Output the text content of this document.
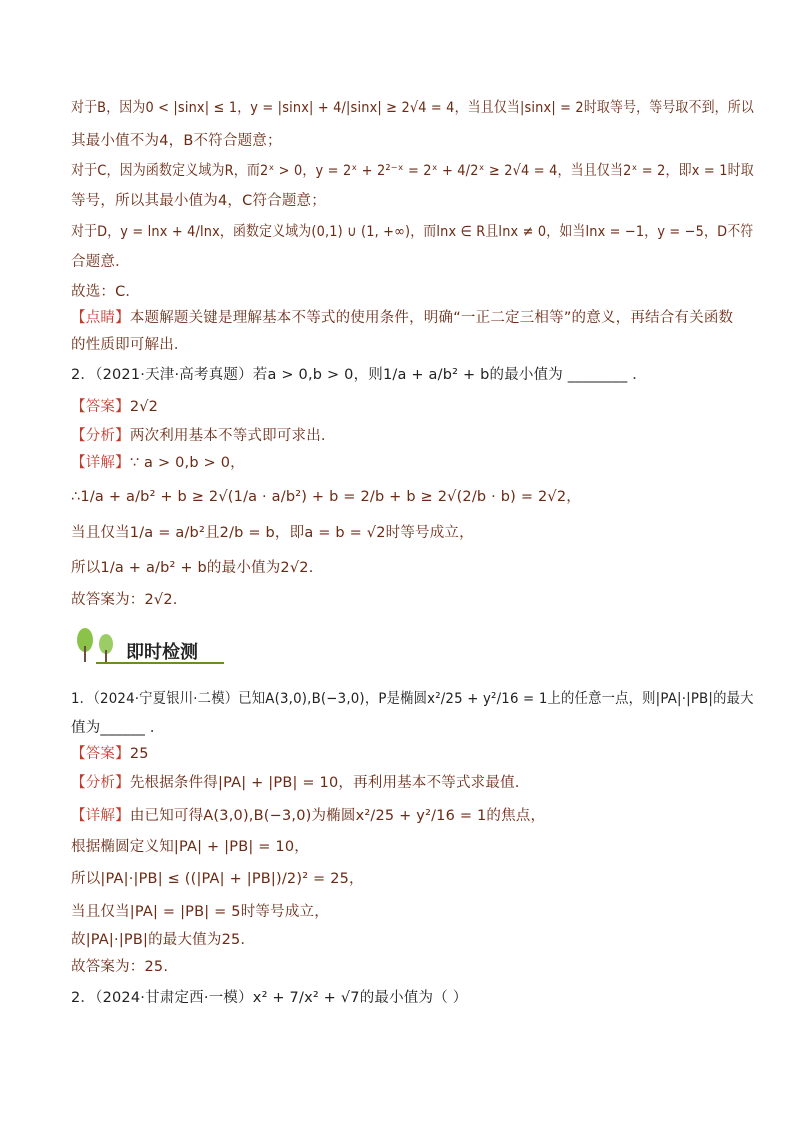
对于B，因为0 < |sinx| ≤ 1，y = |sinx| + 4/|sinx| ≥ 2√4 = 4，当且仅当|sinx| = 2时取等号，等号取不到，所以
其最小值不为4，B不符合题意；
对于C，因为函数定义域为R，而2ˣ > 0，y = 2ˣ + 2²⁻ˣ = 2ˣ + 4/2ˣ ≥ 2√4 = 4，当且仅当2ˣ = 2，即x = 1时取
等号，所以其最小值为4，C符合题意；
对于D，y = lnx + 4/lnx，函数定义域为(0,1) ∪ (1, +∞)，而lnx ∈ R且lnx ≠ 0，如当lnx = −1，y = −5，D不符
合题意．
故选：C．
【点睛】本题解题关键是理解基本不等式的使用条件，明确“一正二定三相等”的意义，再结合有关函数
的性质即可解出．
2．（2021·天津·高考真题）若a > 0,b > 0，则1/a + a/b² + b的最小值为 ________ ．
【答案】2√2
【分析】两次利用基本不等式即可求出.
【详解】∵ a > 0,b > 0，
∴1/a + a/b² + b ≥ 2√(1/a · a/b²) + b = 2/b + b ≥ 2√(2/b · b) = 2√2，
当且仅当1/a = a/b²且2/b = b，即a = b = √2时等号成立，
所以1/a + a/b² + b的最小值为2√2.
故答案为：2√2.
即时检测
1．（2024·宁夏银川·二模）已知A(3,0),B(−3,0)，P是椭圆x²/25 + y²/16 = 1上的任意一点，则|PA|·|PB|的最大
值为______ ．
【答案】25
【分析】先根据条件得|PA| + |PB| = 10，再利用基本不等式求最值.
【详解】由已知可得A(3,0),B(−3,0)为椭圆x²/25 + y²/16 = 1的焦点，
根据椭圆定义知|PA| + |PB| = 10，
所以|PA|·|PB| ≤ ((|PA| + |PB|)/2)² = 25，
当且仅当|PA| = |PB| = 5时等号成立，
故|PA|·|PB|的最大值为25.
故答案为：25.
2．（2024·甘肃定西·一模）x² + 7/x² + √7的最小值为（ ）
